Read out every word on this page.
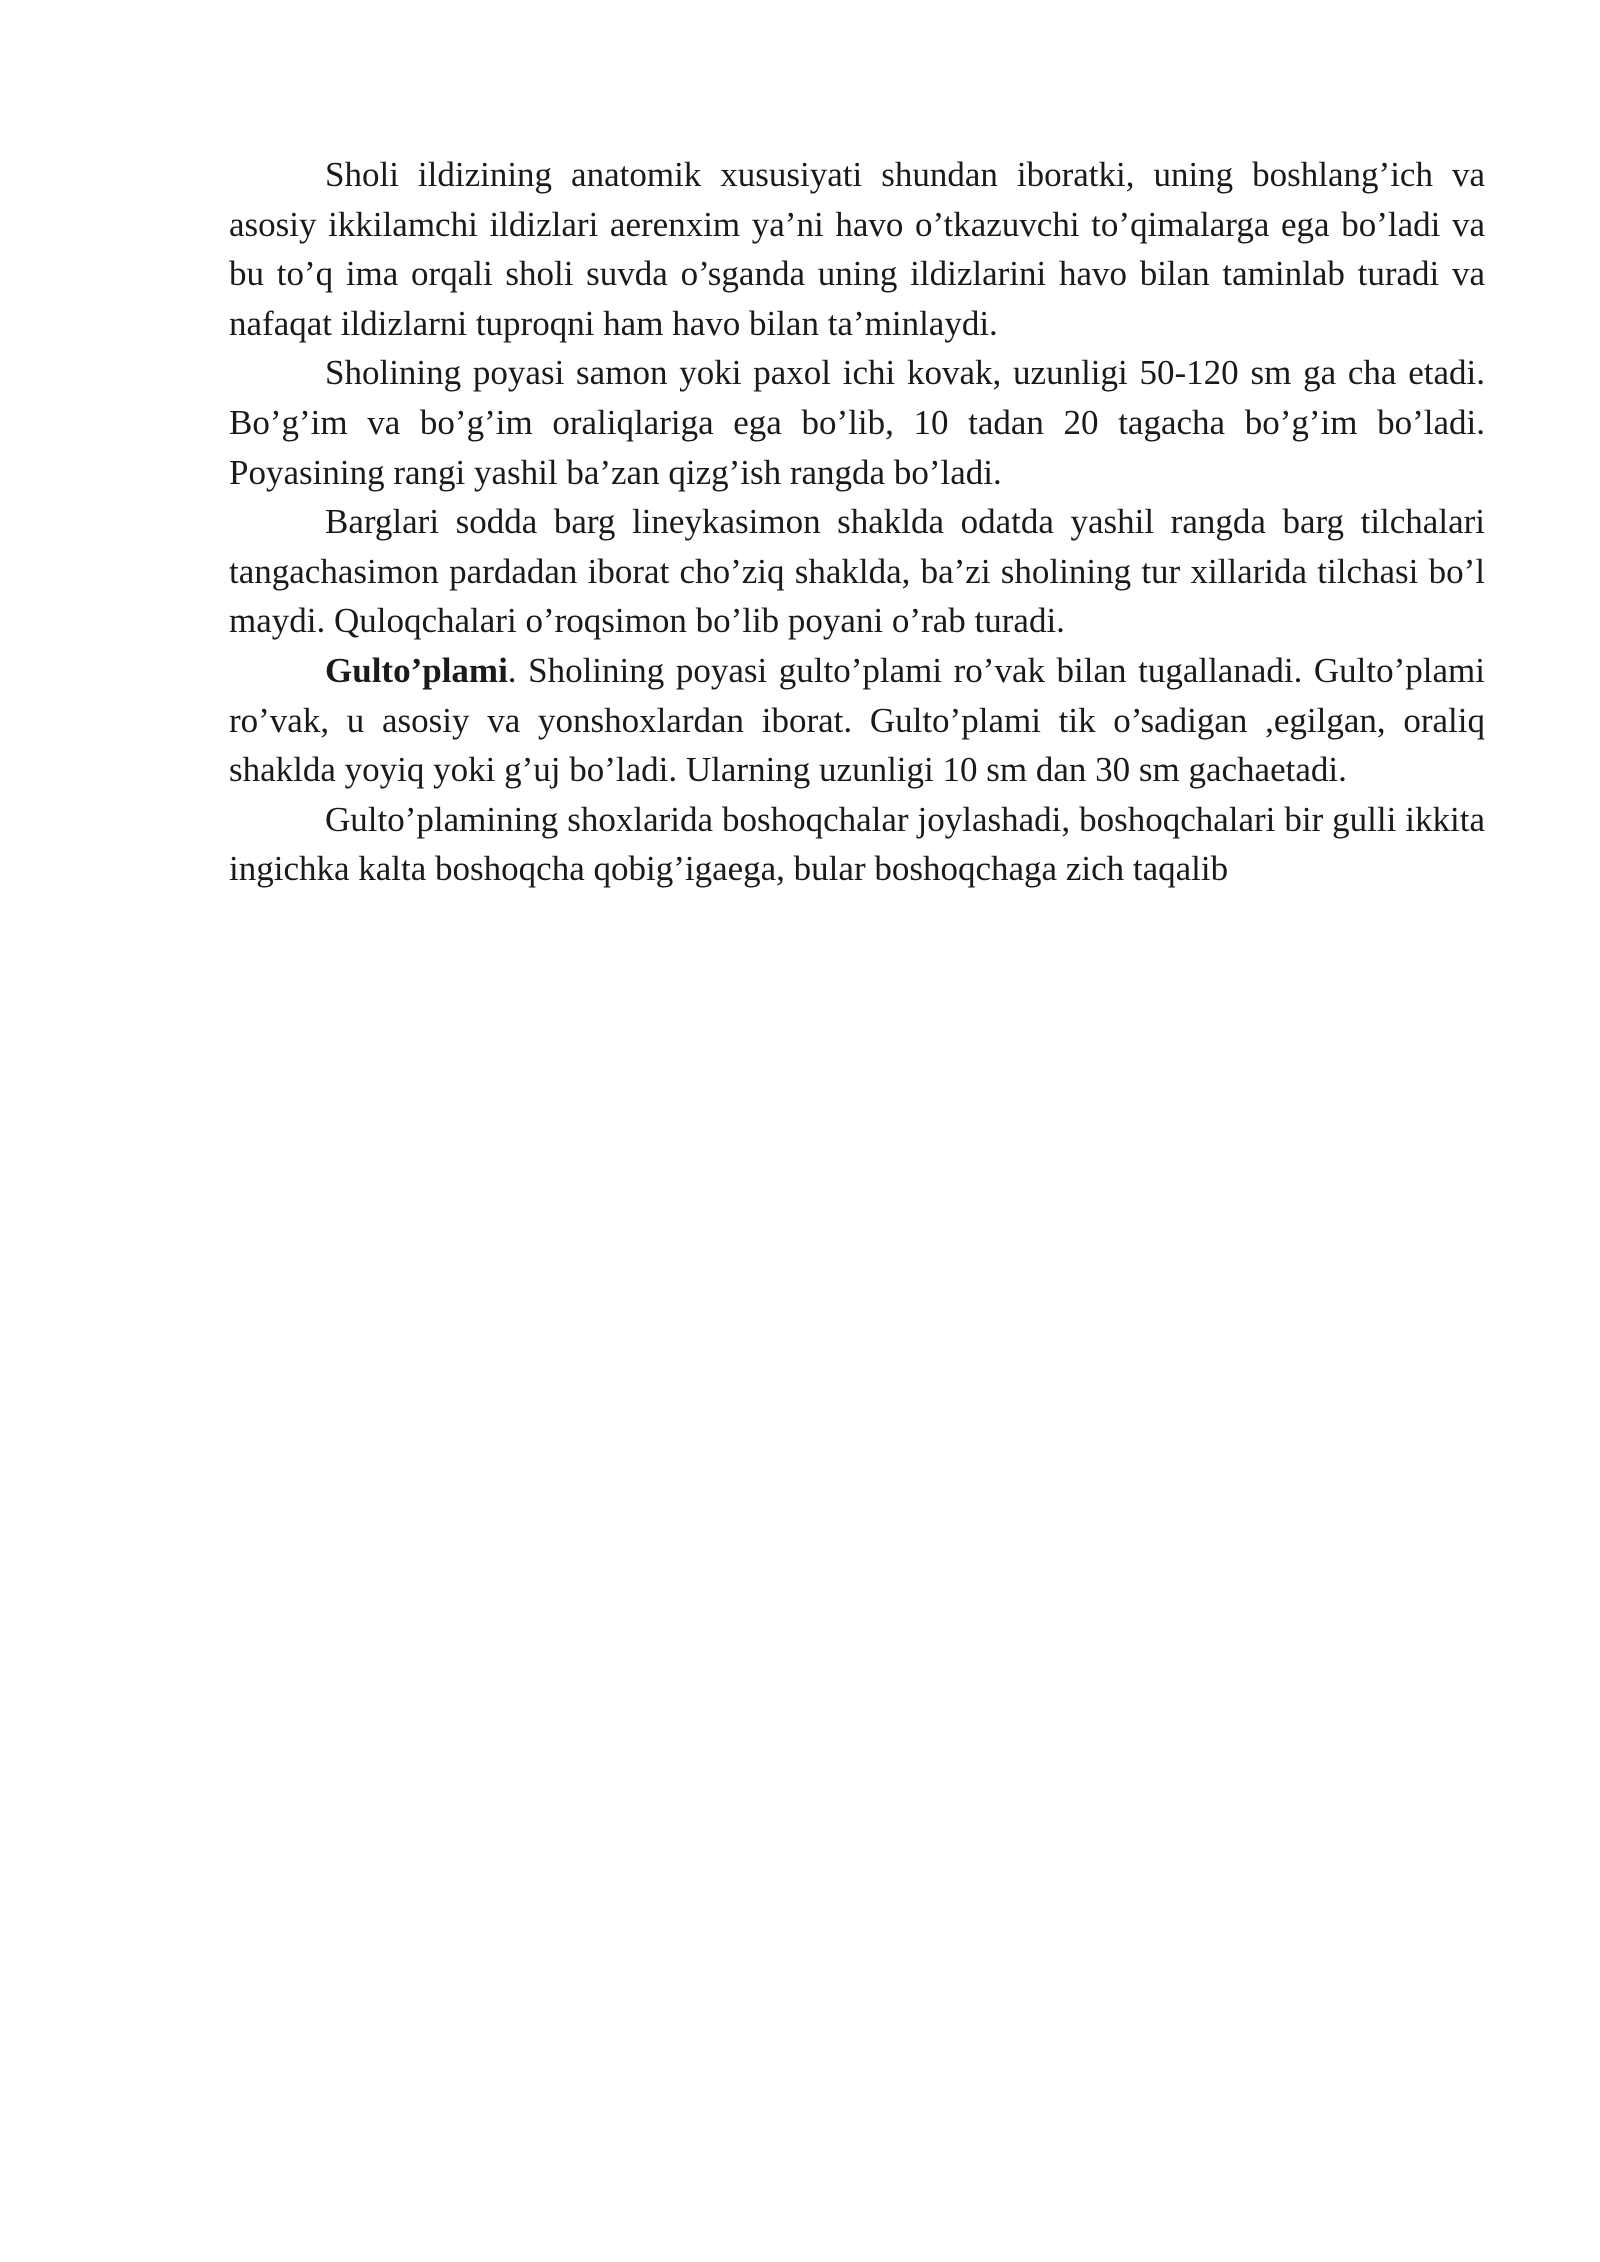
Sholi ildizining anatomik xususiyati shundan iboratki, uning boshlang’ich va asosiy ikkilamchi ildizlari aerenxim ya’ni havo o’tkazuvchi to’qimalarga ega bo’ladi va bu to’q ima orqali sholi suvda o’sganda uning ildizlarini havo bilan taminlab turadi va nafaqat ildizlarni tuproqni ham havo bilan ta’minlaydi.

Sholining poyasi samon yoki paxol ichi kovak, uzunligi 50-120 sm ga cha etadi. Bo’g’im va bo’g’im oraliqlariga ega bo’lib, 10 tadan 20 tagacha bo’g’im bo’ladi. Poyasining rangi yashil ba’zan qizg’ish rangda bo’ladi.

Barglari sodda barg lineykasimon shaklda odatda yashil rangda barg tilchalari tangachasimon pardadan iborat cho’ziq shaklda, ba’zi sholining tur xillarida tilchasi bo’l maydi. Quloqchalari o’roqsimon bo’lib poyani o’rab turadi.

Gulto’plami. Sholining poyasi gulto’plami ro’vak bilan tugallanadi. Gulto’plami ro’vak, u asosiy va yonshoxlardan iborat. Gulto’plami tik o’sadigan ,egilgan, oraliq shaklda yoyiq yoki g’uj bo’ladi. Ularning uzunligi 10 sm dan 30 sm gachaetadi.

Gulto’plamining shoxlarida boshoqchalar joylashadi, boshoqchalari bir gulli ikkita ingichka kalta boshoqcha qobig’igaega, bular boshoqchaga zich taqalib
